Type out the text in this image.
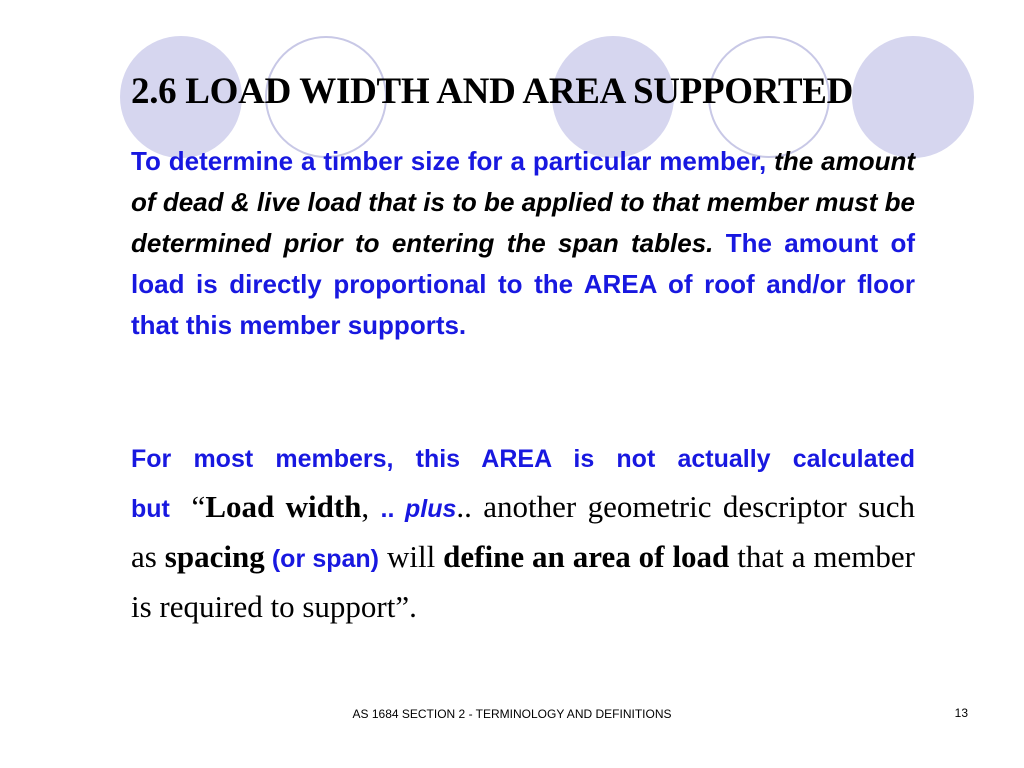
2.6 LOAD WIDTH AND AREA SUPPORTED

To determine a timber size for a particular member, the amount of dead & live load that is to be applied to that member must be determined prior to entering the span tables. The amount of load is directly proportional to the AREA of roof and/or floor that this member supports.

For most members, this AREA is not actually calculated but “Load width, .. plus.. another geometric descriptor such as spacing (or span) will define an area of load that a member is required to support”.

AS 1684 SECTION 2 - TERMINOLOGY AND DEFINITIONS	13
